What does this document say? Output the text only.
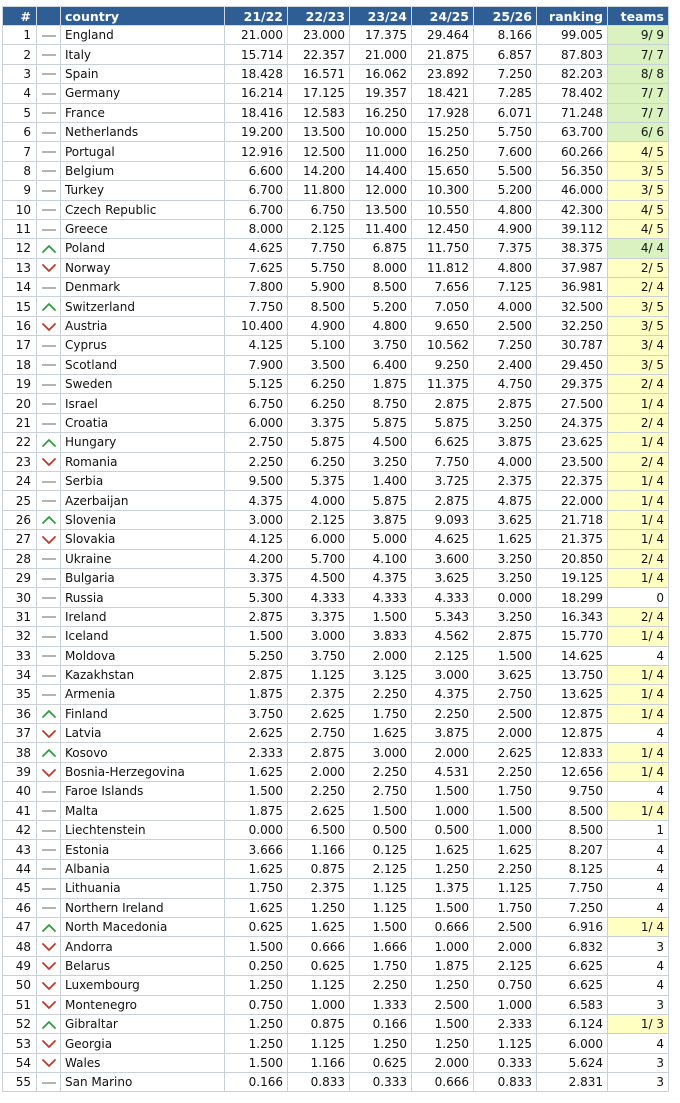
#		country	21/22	22/23	23/24	24/25	25/26	ranking	teams
1		England	21.000	23.000	17.375	29.464	8.166	99.005	9/ 9
2		Italy	15.714	22.357	21.000	21.875	6.857	87.803	7/ 7
3		Spain	18.428	16.571	16.062	23.892	7.250	82.203	8/ 8
4		Germany	16.214	17.125	19.357	18.421	7.285	78.402	7/ 7
5		France	18.416	12.583	16.250	17.928	6.071	71.248	7/ 7
6		Netherlands	19.200	13.500	10.000	15.250	5.750	63.700	6/ 6
7		Portugal	12.916	12.500	11.000	16.250	7.600	60.266	4/ 5
8		Belgium	6.600	14.200	14.400	15.650	5.500	56.350	3/ 5
9		Turkey	6.700	11.800	12.000	10.300	5.200	46.000	3/ 5
10		Czech Republic	6.700	6.750	13.500	10.550	4.800	42.300	4/ 5
11		Greece	8.000	2.125	11.400	12.450	4.900	39.112	4/ 5
12		Poland	4.625	7.750	6.875	11.750	7.375	38.375	4/ 4
13		Norway	7.625	5.750	8.000	11.812	4.800	37.987	2/ 5
14		Denmark	7.800	5.900	8.500	7.656	7.125	36.981	2/ 4
15		Switzerland	7.750	8.500	5.200	7.050	4.000	32.500	3/ 5
16		Austria	10.400	4.900	4.800	9.650	2.500	32.250	3/ 5
17		Cyprus	4.125	5.100	3.750	10.562	7.250	30.787	3/ 4
18		Scotland	7.900	3.500	6.400	9.250	2.400	29.450	3/ 5
19		Sweden	5.125	6.250	1.875	11.375	4.750	29.375	2/ 4
20		Israel	6.750	6.250	8.750	2.875	2.875	27.500	1/ 4
21		Croatia	6.000	3.375	5.875	5.875	3.250	24.375	2/ 4
22		Hungary	2.750	5.875	4.500	6.625	3.875	23.625	1/ 4
23		Romania	2.250	6.250	3.250	7.750	4.000	23.500	2/ 4
24		Serbia	9.500	5.375	1.400	3.725	2.375	22.375	1/ 4
25		Azerbaijan	4.375	4.000	5.875	2.875	4.875	22.000	1/ 4
26		Slovenia	3.000	2.125	3.875	9.093	3.625	21.718	1/ 4
27		Slovakia	4.125	6.000	5.000	4.625	1.625	21.375	1/ 4
28		Ukraine	4.200	5.700	4.100	3.600	3.250	20.850	2/ 4
29		Bulgaria	3.375	4.500	4.375	3.625	3.250	19.125	1/ 4
30		Russia	5.300	4.333	4.333	4.333	0.000	18.299	0
31		Ireland	2.875	3.375	1.500	5.343	3.250	16.343	2/ 4
32		Iceland	1.500	3.000	3.833	4.562	2.875	15.770	1/ 4
33		Moldova	5.250	3.750	2.000	2.125	1.500	14.625	4
34		Kazakhstan	2.875	1.125	3.125	3.000	3.625	13.750	1/ 4
35		Armenia	1.875	2.375	2.250	4.375	2.750	13.625	1/ 4
36		Finland	3.750	2.625	1.750	2.250	2.500	12.875	1/ 4
37		Latvia	2.625	2.750	1.625	3.875	2.000	12.875	4
38		Kosovo	2.333	2.875	3.000	2.000	2.625	12.833	1/ 4
39		Bosnia-Herzegovina	1.625	2.000	2.250	4.531	2.250	12.656	1/ 4
40		Faroe Islands	1.500	2.250	2.750	1.500	1.750	9.750	4
41		Malta	1.875	2.625	1.500	1.000	1.500	8.500	1/ 4
42		Liechtenstein	0.000	6.500	0.500	0.500	1.000	8.500	1
43		Estonia	3.666	1.166	0.125	1.625	1.625	8.207	4
44		Albania	1.625	0.875	2.125	1.250	2.250	8.125	4
45		Lithuania	1.750	2.375	1.125	1.375	1.125	7.750	4
46		Northern Ireland	1.625	1.250	1.125	1.500	1.750	7.250	4
47		North Macedonia	0.625	1.625	1.500	0.666	2.500	6.916	1/ 4
48		Andorra	1.500	0.666	1.666	1.000	2.000	6.832	3
49		Belarus	0.250	0.625	1.750	1.875	2.125	6.625	4
50		Luxembourg	1.250	1.125	2.250	1.250	0.750	6.625	4
51		Montenegro	0.750	1.000	1.333	2.500	1.000	6.583	3
52		Gibraltar	1.250	0.875	0.166	1.500	2.333	6.124	1/ 3
53		Georgia	1.250	1.125	1.250	1.250	1.125	6.000	4
54		Wales	1.500	1.166	0.625	2.000	0.333	5.624	3
55		San Marino	0.166	0.833	0.333	0.666	0.833	2.831	3
